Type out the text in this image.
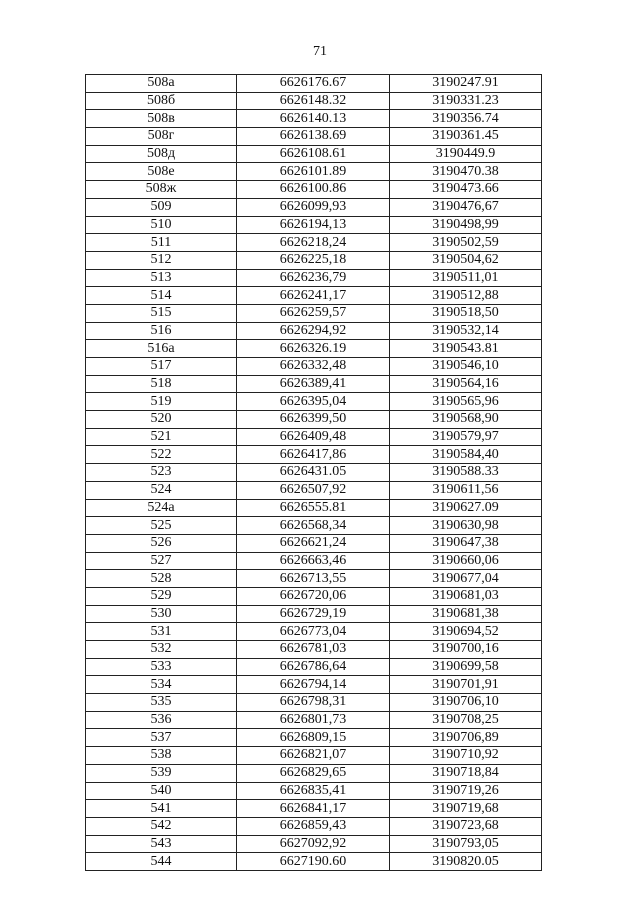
71
508а	6626176.67	3190247.91
508б	6626148.32	3190331.23
508в	6626140.13	3190356.74
508г	6626138.69	3190361.45
508д	6626108.61	3190449.9
508е	6626101.89	3190470.38
508ж	6626100.86	3190473.66
509	6626099,93	3190476,67
510	6626194,13	3190498,99
511	6626218,24	3190502,59
512	6626225,18	3190504,62
513	6626236,79	3190511,01
514	6626241,17	3190512,88
515	6626259,57	3190518,50
516	6626294,92	3190532,14
516а	6626326.19	3190543.81
517	6626332,48	3190546,10
518	6626389,41	3190564,16
519	6626395,04	3190565,96
520	6626399,50	3190568,90
521	6626409,48	3190579,97
522	6626417,86	3190584,40
523	6626431.05	3190588.33
524	6626507,92	3190611,56
524а	6626555.81	3190627.09
525	6626568,34	3190630,98
526	6626621,24	3190647,38
527	6626663,46	3190660,06
528	6626713,55	3190677,04
529	6626720,06	3190681,03
530	6626729,19	3190681,38
531	6626773,04	3190694,52
532	6626781,03	3190700,16
533	6626786,64	3190699,58
534	6626794,14	3190701,91
535	6626798,31	3190706,10
536	6626801,73	3190708,25
537	6626809,15	3190706,89
538	6626821,07	3190710,92
539	6626829,65	3190718,84
540	6626835,41	3190719,26
541	6626841,17	3190719,68
542	6626859,43	3190723,68
543	6627092,92	3190793,05
544	6627190.60	3190820.05
